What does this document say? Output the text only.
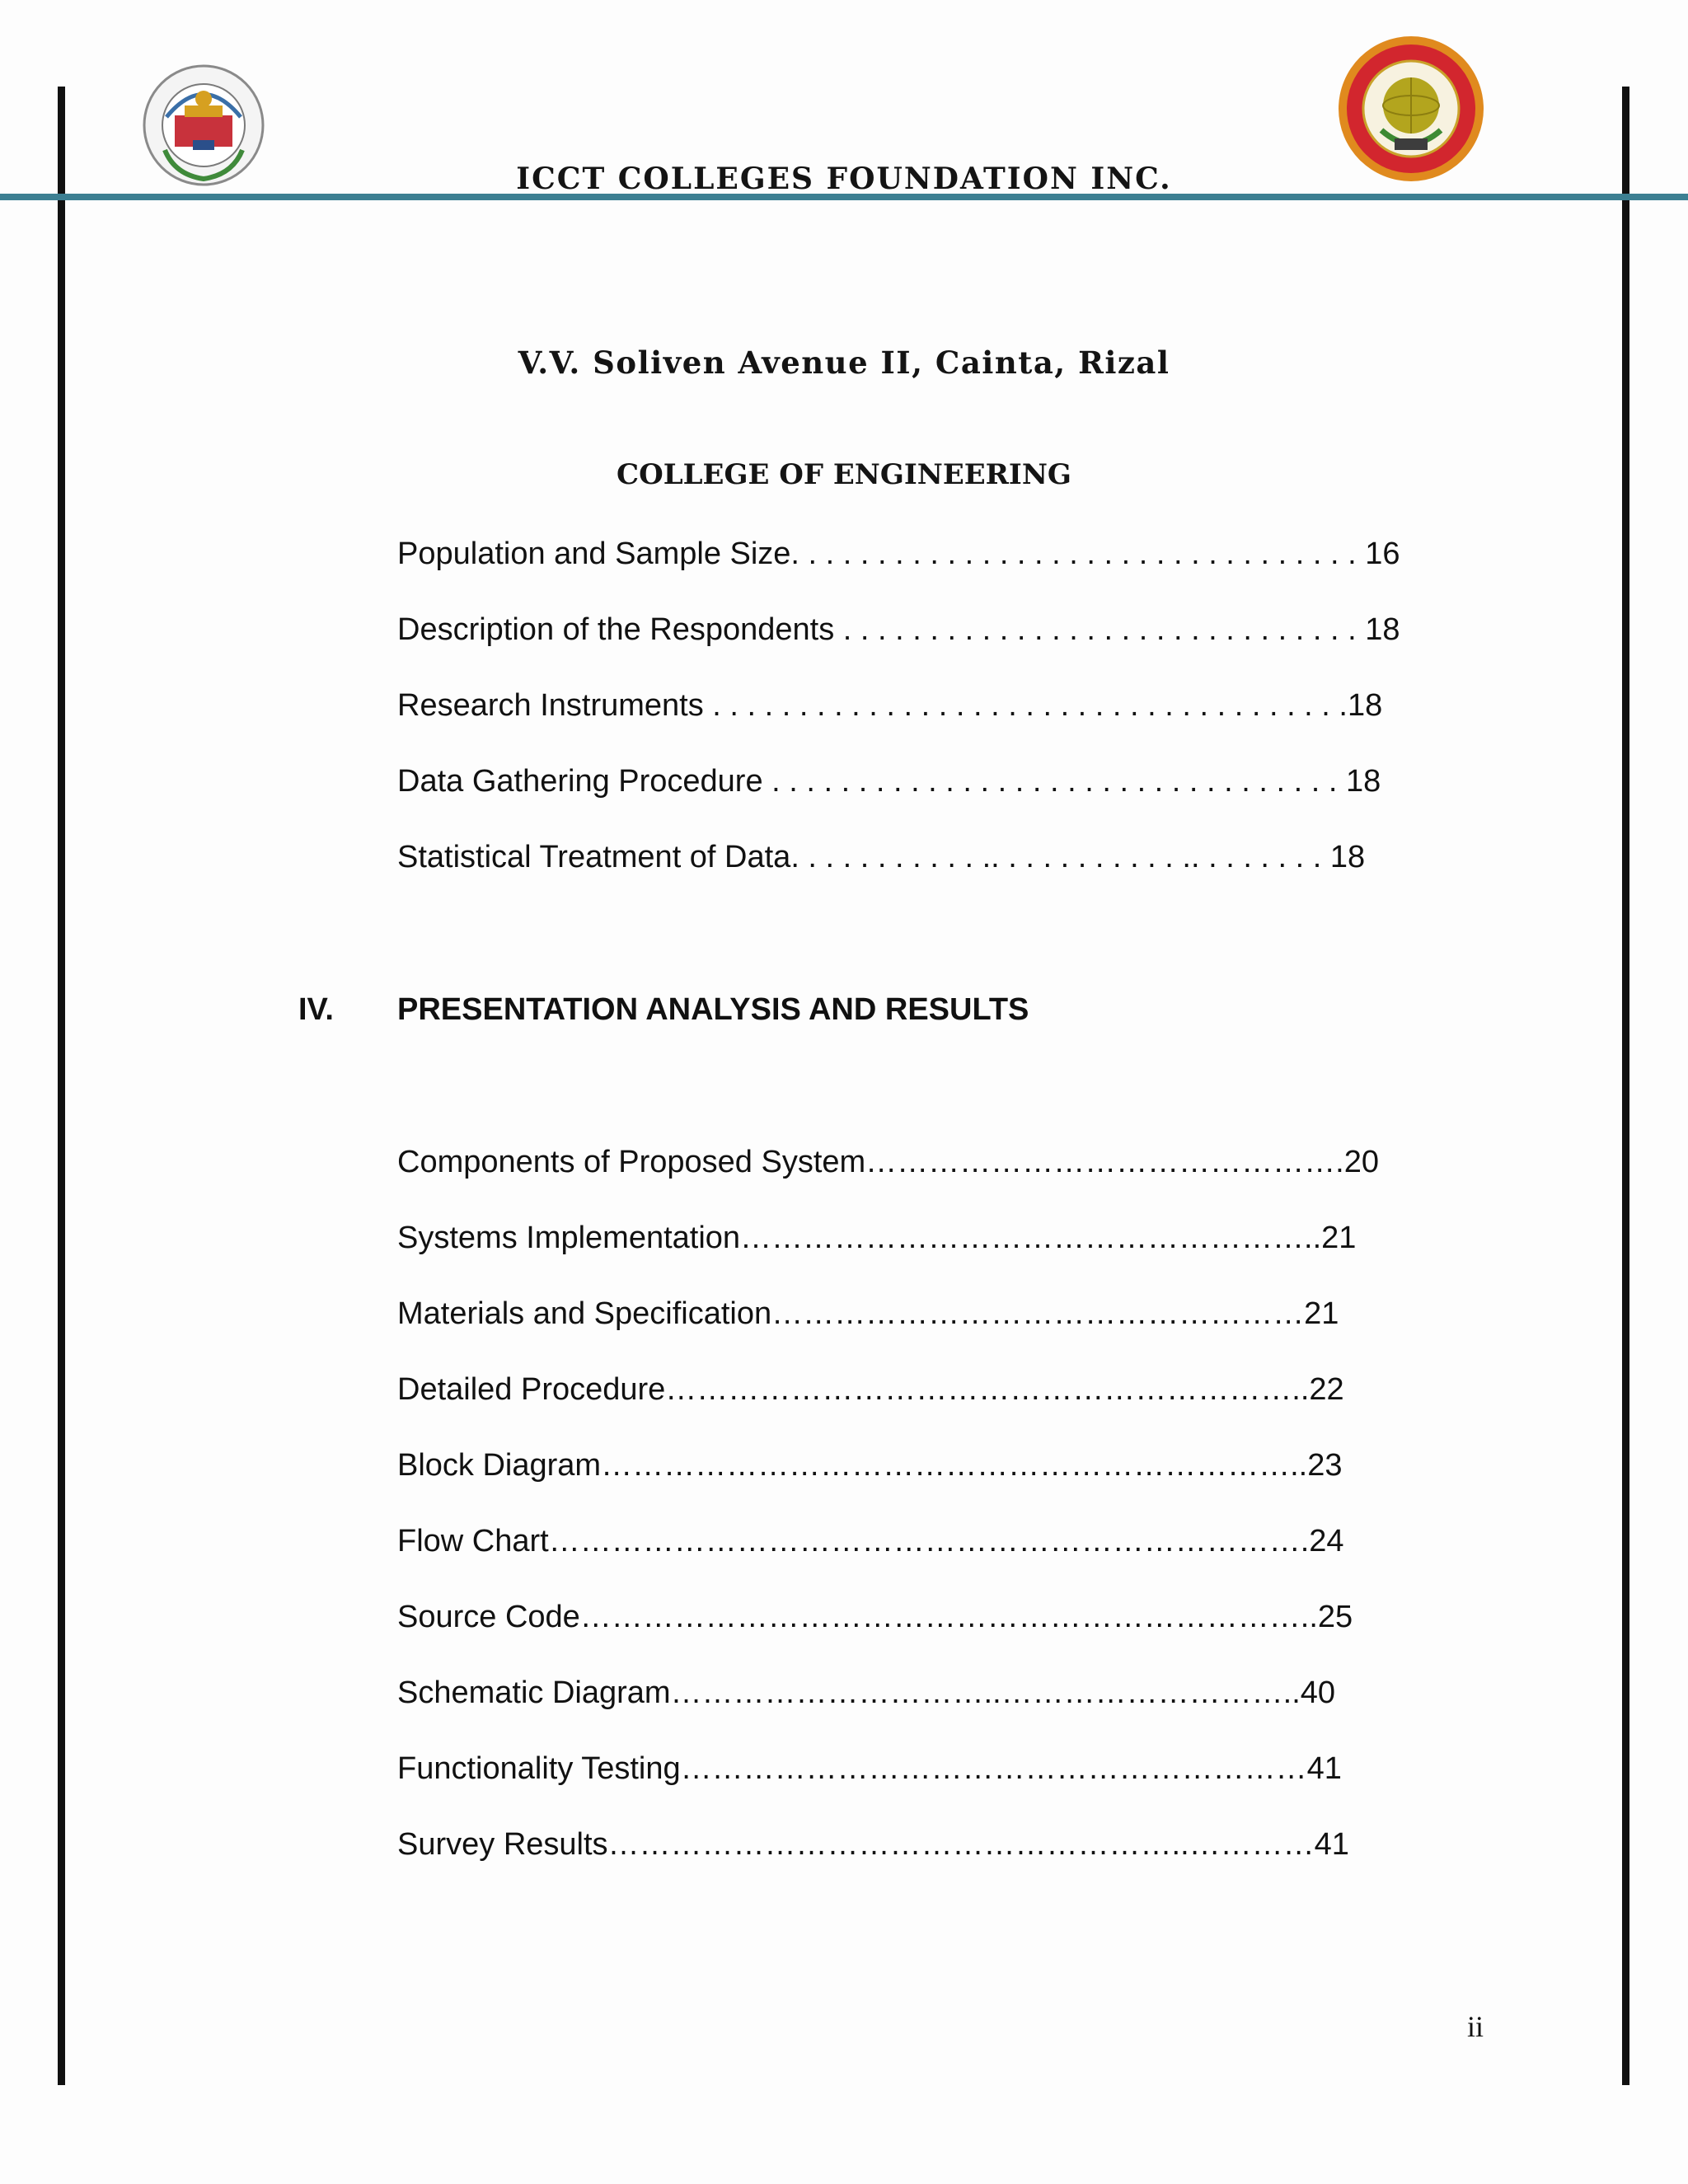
ICCT COLLEGES FOUNDATION INC.
V.V. Soliven Avenue II, Cainta, Rizal
COLLEGE OF ENGINEERING
Population and Sample Size. . . . . . . . . . . . . . . . . . . . . . . . . . . . . . . . . 16
Description of the Respondents . . . . . . . . . . . . . . . . . . . . . . . . . . . . . . 18
Research Instruments . . . . . . . . . . . . . . . . . . . . . . . . . . . . . . . . . . . . .18
Data Gathering Procedure . . . . . . . . . . . . . . . . . . . . . . . . . . . . . . . . . 18
Statistical Treatment of Data. . . . . . . . . . . .. . . . . . . . . . . .. . . . . . . . 18
IV. PRESENTATION ANALYSIS AND RESULTS
Components of Proposed System……………………………………….20
Systems Implementation………………………………………………..21
Materials and Specification……………………………………………21
Detailed Procedure……………………………………………………..22
Block Diagram…………………………………………………………..23
Flow Chart……………………………………………………………….24
Source Code……………………………………………………………..25
Schematic Diagram…………………………..………………………..40
Functionality Testing……………………………………………………41
Survey Results………………………………………………..…………41
ii
